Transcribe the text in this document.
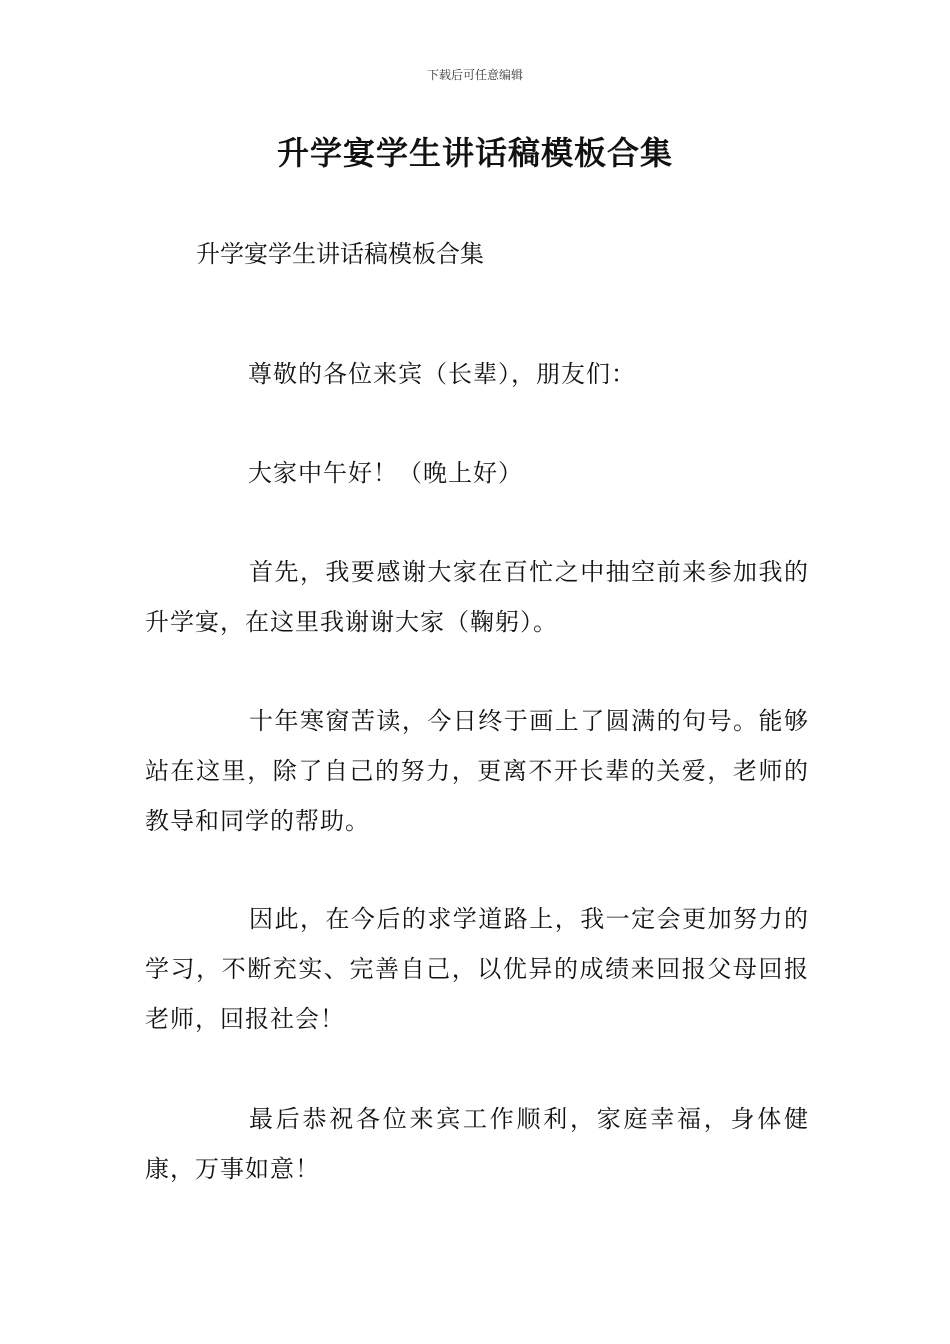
下载后可任意编辑
升学宴学生讲话稿模板合集
升学宴学生讲话稿模板合集

尊敬的各位来宾（长辈），朋友们：

大家中午好！（晚上好）

首先，我要感谢大家在百忙之中抽空前来参加我的升学宴，在这里我谢谢大家（鞠躬）。

十年寒窗苦读，今日终于画上了圆满的句号。能够站在这里，除了自己的努力，更离不开长辈的关爱，老师的教导和同学的帮助。

因此，在今后的求学道路上，我一定会更加努力的学习，不断充实、完善自己，以优异的成绩来回报父母回报老师，回报社会！

最后恭祝各位来宾工作顺利，家庭幸福，身体健康，万事如意！
